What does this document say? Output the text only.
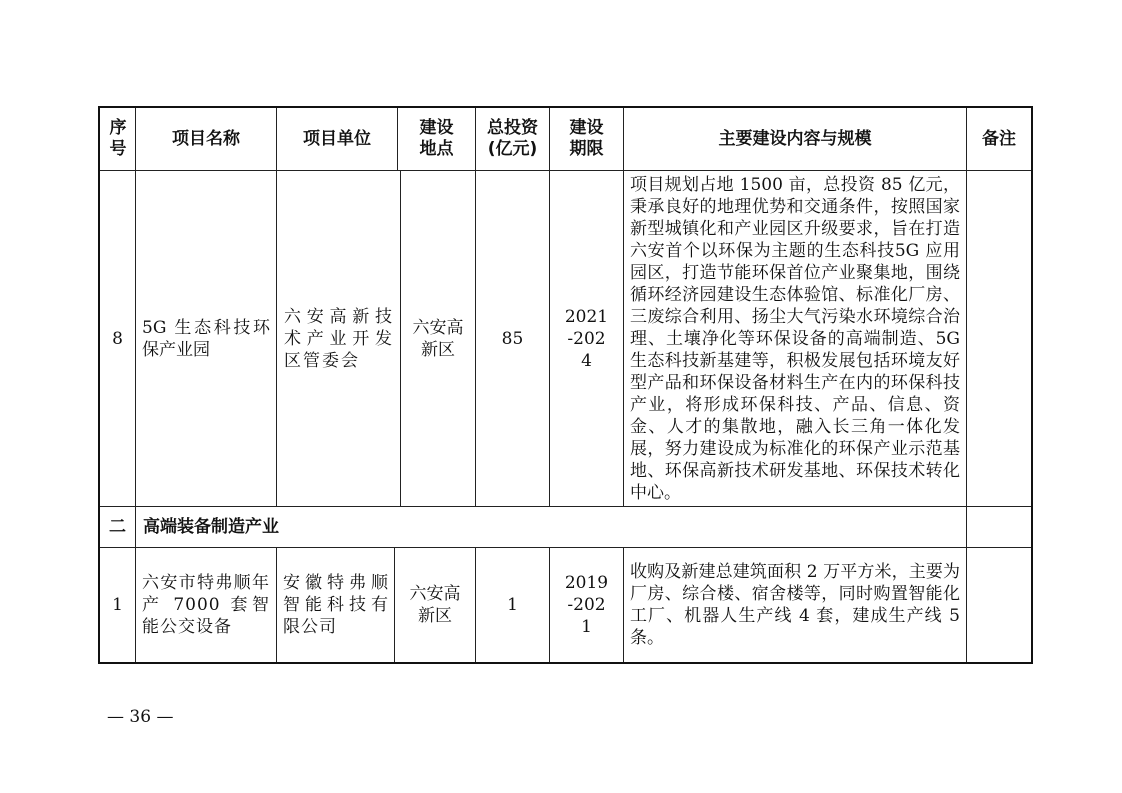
序号
项目名称	项目单位
建设地点
总投资(亿元)
建设期限
主要建设内容与规模	备注
8
5G 生态科技环保产业园
六安高新技术产业开发区管委会
六安高新区
85
2021-2024
项目规划占地 1500 亩，总投资 85 亿元，秉承良好的地理优势和交通条件，按照国家新型城镇化和产业园区升级要求，旨在打造六安首个以环保为主题的生态科技5G 应用园区，打造节能环保首位产业聚集地，围绕循环经济园建设生态体验馆、标准化厂房、三废综合利用、扬尘大气污染水环境综合治理、土壤净化等环保设备的高端制造、5G 生态科技新基建等，积极发展包括环境友好型产品和环保设备材料生产在内的环保科技产业，将形成环保科技、产品、信息、资金、人才的集散地，融入长三角一体化发展，努力建设成为标准化的环保产业示范基地、环保高新技术研发基地、环保技术转化中心。
二 高端装备制造产业
1
六安市特弗顺年产 7000 套智能公交设备
安徽特弗顺智能科技有限公司
六安高新区
1
2019-2021
收购及新建总建筑面积 2 万平方米，主要为厂房、综合楼、宿舍楼等，同时购置智能化工厂、机器人生产线 4 套，建成生产线 5 条。
— 36 —
